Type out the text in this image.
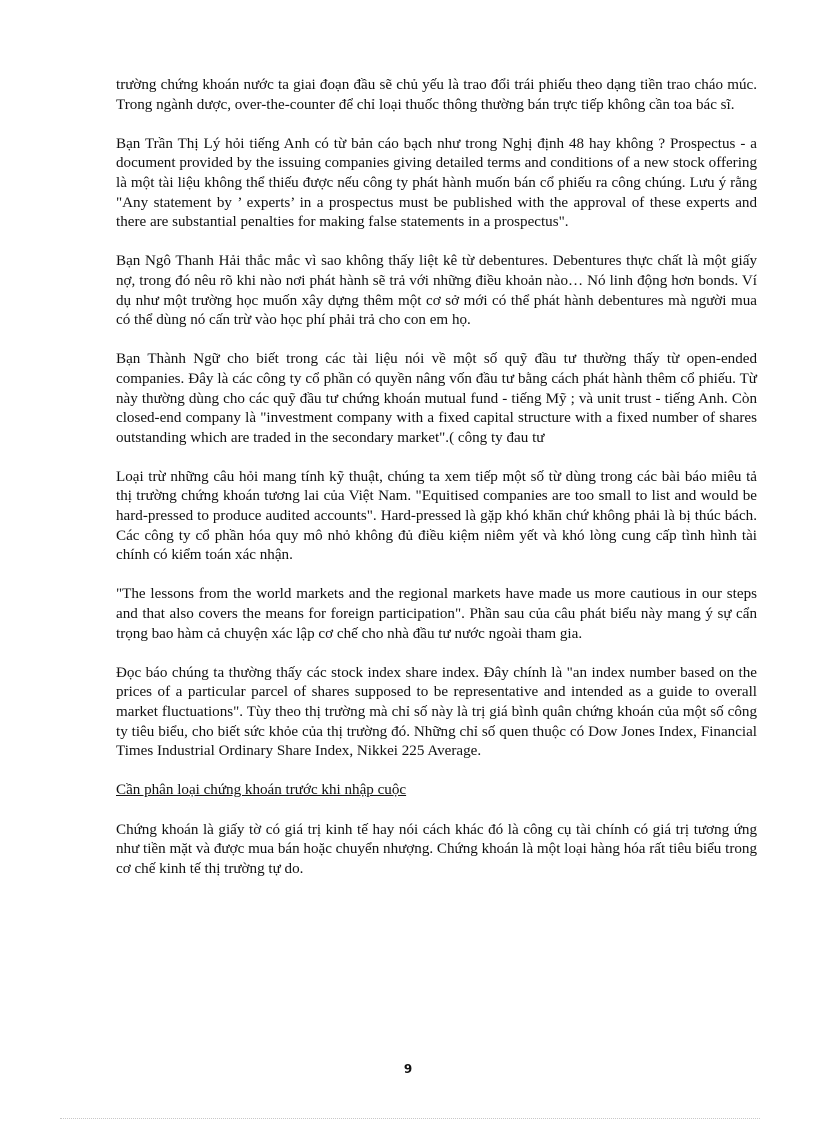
trường chứng khoán nước ta giai đoạn đầu sẽ chủ yếu là trao đổi trái phiếu theo dạng tiền trao cháo múc. Trong ngành dược, over-the-counter để chỉ loại thuốc thông thường bán trực tiếp không cần toa bác sĩ.

Bạn Trần Thị Lý hỏi tiếng Anh có từ bản cáo bạch như trong Nghị định 48 hay không ? Prospectus - a document provided by the issuing companies giving detailed terms and conditions of a new stock offering là một tài liệu không thể thiếu được nếu công ty phát hành muốn bán cổ phiếu ra công chúng. Lưu ý rằng "Any statement by ’ experts’ in a prospectus must be published with the approval of these experts and there are substantial penalties for making false statements in a prospectus".

Bạn Ngô Thanh Hải thắc mắc vì sao không thấy liệt kê từ debentures. Debentures thực chất là một giấy nợ, trong đó nêu rõ khi nào nơi phát hành sẽ trả với những điều khoản nào… Nó linh động hơn bonds. Ví dụ như một trường học muốn xây dựng thêm một cơ sở mới có thể phát hành debentures mà người mua có thể dùng nó cấn trừ vào học phí phải trả cho con em họ.

Bạn Thành Ngữ cho biết trong các tài liệu nói về một số quỹ đầu tư thường thấy từ open-ended companies. Đây là các công ty cổ phần có quyền nâng vốn đầu tư bằng cách phát hành thêm cổ phiếu. Từ này thường dùng cho các quỹ đầu tư chứng khoán mutual fund - tiếng Mỹ ; và unit trust - tiếng Anh. Còn closed-end company là "investment company with a fixed capital structure with a fixed number of shares outstanding which are traded in the secondary market".( công ty đau tư

Loại trừ những câu hỏi mang tính kỹ thuật, chúng ta xem tiếp một số từ dùng trong các bài báo miêu tả thị trường chứng khoán tương lai của Việt Nam. "Equitised companies are too small to list and would be hard-pressed to produce audited accounts". Hard-pressed là gặp khó khăn chứ không phải là bị thúc bách. Các công ty cổ phần hóa quy mô nhỏ không đủ điều kiệm niêm yết và khó lòng cung cấp tình hình tài chính có kiểm toán xác nhận.

"The lessons from the world markets and the regional markets have made us more cautious in our steps and that also covers the means for foreign participation". Phần sau của câu phát biểu này mang ý sự cẩn trọng bao hàm cả chuyện xác lập cơ chế cho nhà đầu tư nước ngoài tham gia.

Đọc báo chúng ta thường thấy các stock index share index. Đây chính là "an index number based on the prices of a particular parcel of shares supposed to be representative and intended as a guide to overall market fluctuations". Tùy theo thị trường mà chỉ số này là trị giá bình quân chứng khoán của một số công ty tiêu biểu, cho biết sức khỏe của thị trường đó. Những chỉ số quen thuộc có Dow Jones Index, Financial Times Industrial Ordinary Share Index, Nikkei 225 Average.

Cần phân loại chứng khoán trước khi nhập cuộc

Chứng khoán là giấy tờ có giá trị kinh tế hay nói cách khác đó là công cụ tài chính có giá trị tương ứng như tiền mặt và được mua bán hoặc chuyển nhượng. Chứng khoán là một loại hàng hóa rất tiêu biểu trong cơ chế kinh tế thị trường tự do.

9
